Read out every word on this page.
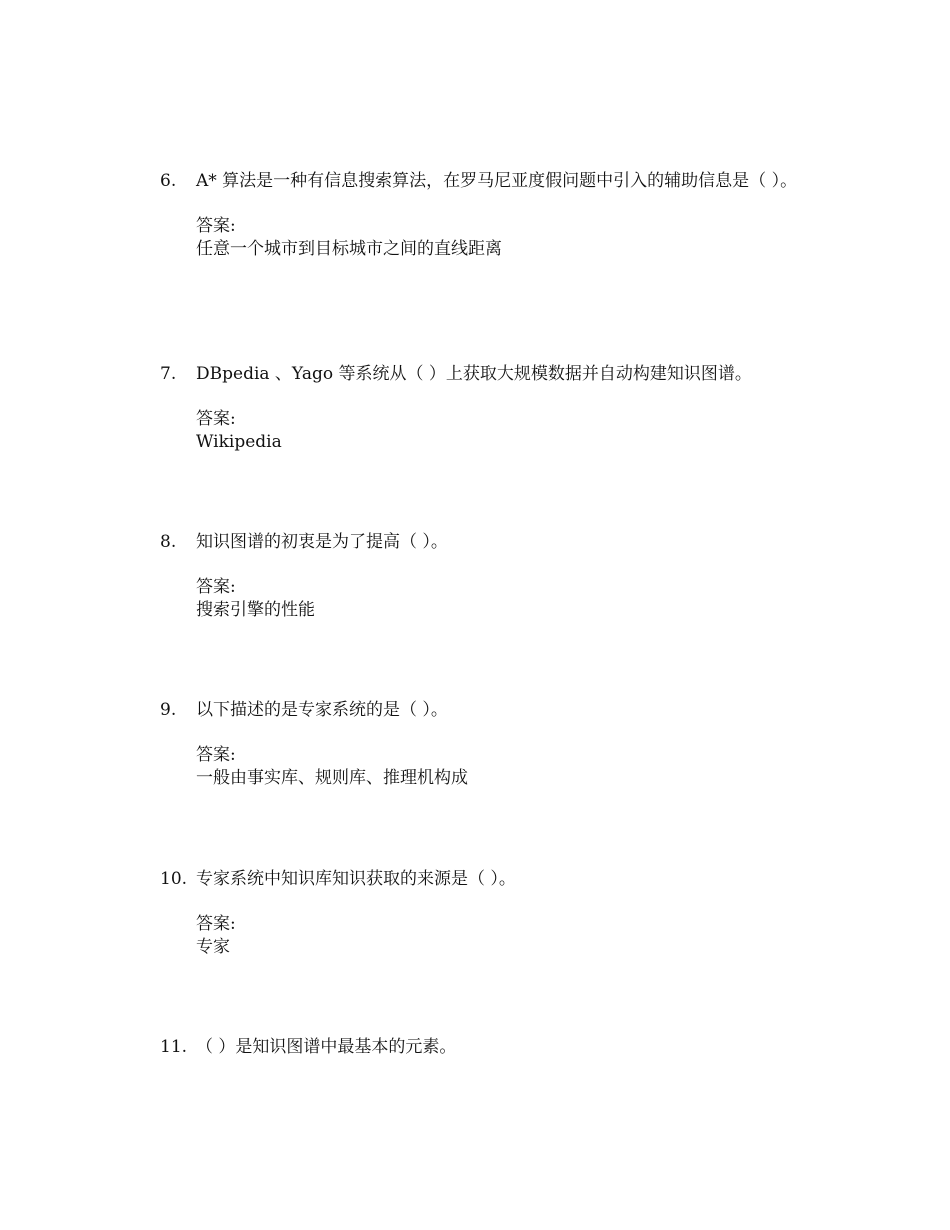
6.	A* 算法是一种有信息搜索算法，在罗马尼亚度假问题中引入的辅助信息是（ ）。
答案:
任意一个城市到目标城市之间的直线距离
7.	DBpedia 、Yago 等系统从（ ）上获取大规模数据并自动构建知识图谱。
答案:
Wikipedia
8.	知识图谱的初衷是为了提高（ ）。
答案:
搜索引擎的性能
9.	以下描述的是专家系统的是（ ）。
答案:
一般由事实库、规则库、推理机构成
10. 专家系统中知识库知识获取的来源是（ ）。
答案:
专家
11. （ ）是知识图谱中最基本的元素。
